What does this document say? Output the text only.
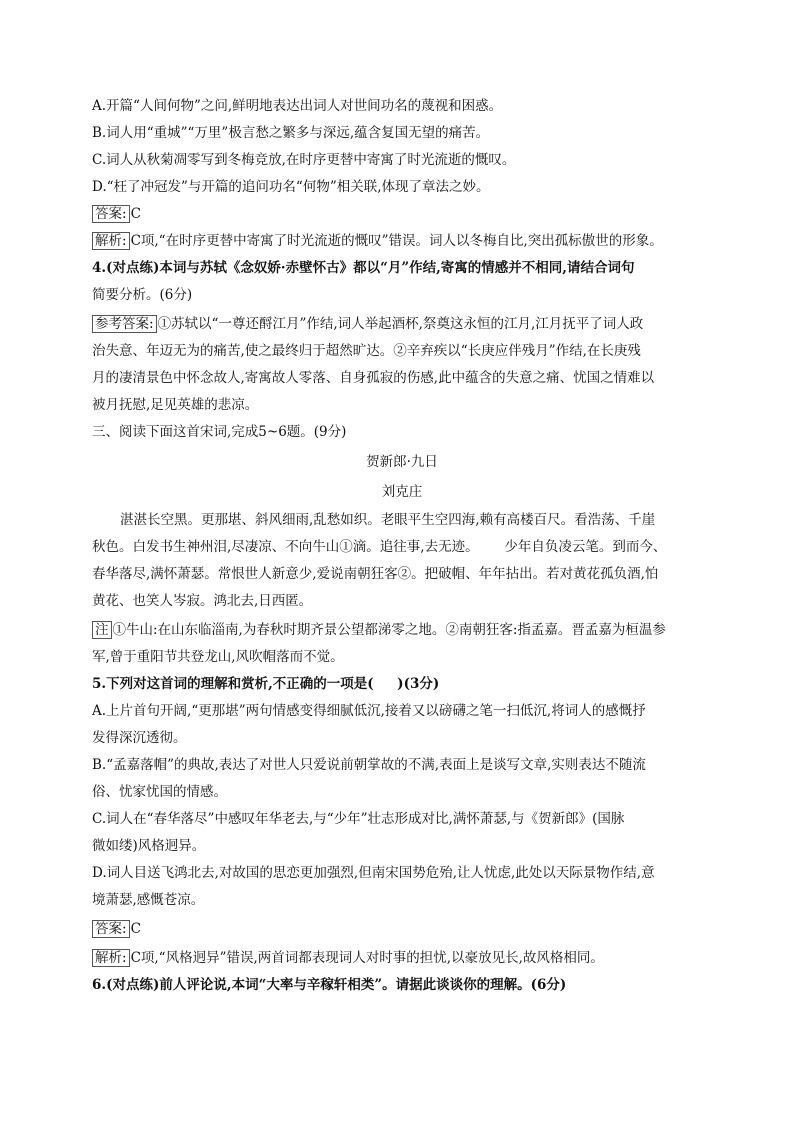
A.开篇“人间何物”之问,鲜明地表达出词人对世间功名的蔑视和困惑。
B.词人用“重城”“万里”极言愁之繁多与深远,蕴含复国无望的痛苦。
C.词人从秋菊凋零写到冬梅竞放,在时序更替中寄寓了时光流逝的慨叹。
D.“枉了冲冠发”与开篇的追问功名“何物”相关联,体现了章法之妙。
答案: C
解析: C项,“在时序更替中寄寓了时光流逝的慨叹”错误。词人以冬梅自比,突出孤标傲世的形象。
4.(对点练)本词与苏轼《念奴娇·赤壁怀古》都以“月”作结,寄寓的情感并不相同,请结合词句
简要分析。(6分)
参考答案: ①苏轼以“一尊还酹江月”作结,词人举起酒杯,祭奠这永恒的江月,江月抚平了词人政
治失意、年迈无为的痛苦,使之最终归于超然旷达。②辛弃疾以“长庚应伴残月”作结,在长庚残
月的凄清景色中怀念故人,寄寓故人零落、自身孤寂的伤感,此中蕴含的失意之痛、忧国之情难以
被月抚慰,足见英雄的悲凉。
三、阅读下面这首宋词,完成5~6题。(9分)
贺新郎·九日
刘克庄
湛湛长空黑。更那堪、斜风细雨,乱愁如织。老眼平生空四海,赖有高楼百尺。看浩荡、千崖
秋色。白发书生神州泪,尽凄凉、不向牛山①滴。追往事,去无迹。      少年自负凌云笔。到而今、
春华落尽,满怀萧瑟。常恨世人新意少,爱说南朝狂客②。把破帽、年年拈出。若对黄花孤负酒,怕
黄花、也笑人岑寂。鸿北去,日西匿。
注 ①牛山:在山东临淄南,为春秋时期齐景公望都涕零之地。②南朝狂客:指孟嘉。晋孟嘉为桓温参
军,曾于重阳节共登龙山,风吹帽落而不觉。
5.下列对这首词的理解和赏析,不正确的一项是(     )(3分)
A.上片首句开阔,“更那堪”两句情感变得细腻低沉,接着又以磅礴之笔一扫低沉,将词人的感慨抒
发得深沉透彻。
B.“孟嘉落帽”的典故,表达了对世人只爱说前朝掌故的不满,表面上是谈写文章,实则表达不随流
俗、忧家忧国的情感。
C.词人在“春华落尽”中感叹年华老去,与“少年”壮志形成对比,满怀萧瑟,与《贺新郎》(国脉
微如缕)风格迥异。
D.词人目送飞鸿北去,对故国的思恋更加强烈,但南宋国势危殆,让人忧虑,此处以天际景物作结,意
境萧瑟,感慨苍凉。
答案: C
解析: C项,“风格迥异”错误,两首词都表现词人对时事的担忧,以豪放见长,故风格相同。
6.(对点练)前人评论说,本词“大率与辛稼轩相类”。请据此谈谈你的理解。(6分)
